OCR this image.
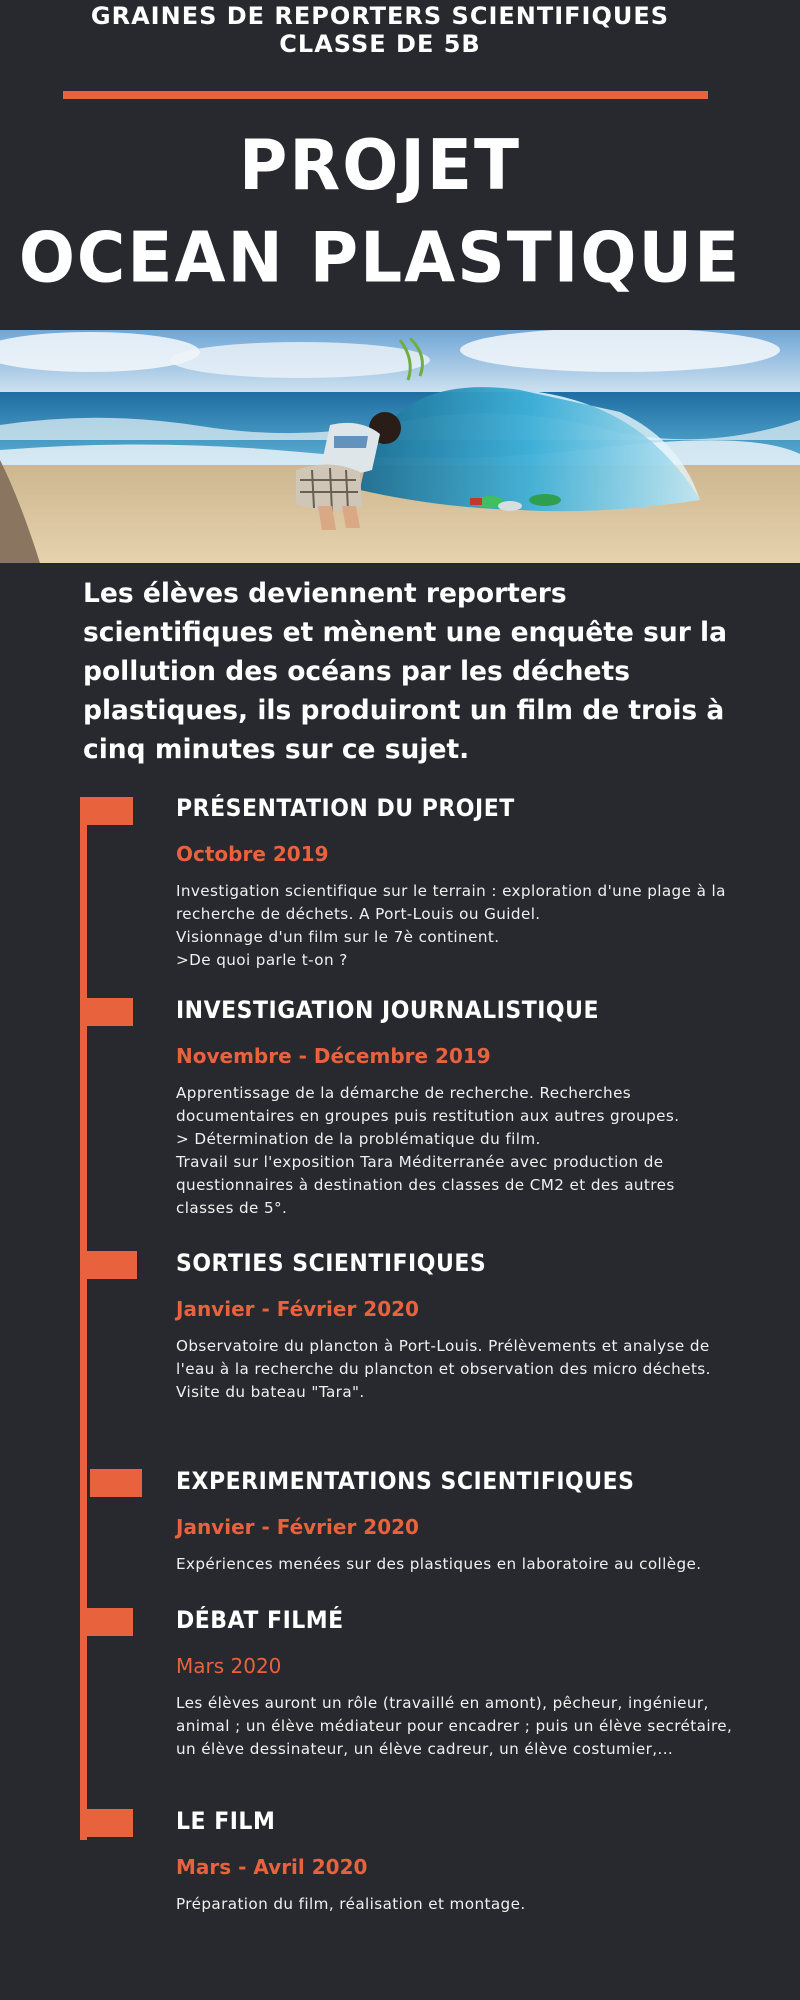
GRAINES DE REPORTERS SCIENTIFIQUES
CLASSE DE 5B
PROJET
OCEAN PLASTIQUE
Les élèves deviennent reporters scientifiques et mènent une enquête sur la pollution des océans par les déchets plastiques, ils produiront un film de trois à cinq minutes sur ce sujet.
PRÉSENTATION DU PROJET
Octobre 2019
Investigation scientifique sur le terrain : exploration d'une plage à la recherche de déchets. A Port-Louis ou Guidel.
Visionnage d'un film sur le 7è continent.
>De quoi parle t-on ?
INVESTIGATION JOURNALISTIQUE
Novembre - Décembre 2019
Apprentissage de la démarche de recherche. Recherches documentaires en groupes puis restitution aux autres groupes.
> Détermination de la problématique du film.
Travail sur l'exposition Tara Méditerranée avec production de questionnaires à destination des classes de CM2 et des autres classes de 5°.
SORTIES SCIENTIFIQUES
Janvier - Février 2020
Observatoire du plancton à Port-Louis. Prélèvements et analyse de l'eau à la recherche du plancton et observation des micro déchets.
Visite du bateau "Tara".
EXPERIMENTATIONS SCIENTIFIQUES
Janvier - Février 2020
Expériences menées sur des plastiques en laboratoire au collège.
DÉBAT FILMÉ
Mars 2020
Les élèves auront un rôle (travaillé en amont), pêcheur, ingénieur, animal ; un élève médiateur pour encadrer ; puis un élève secrétaire, un élève dessinateur, un élève cadreur, un élève costumier,...
LE FILM
Mars - Avril 2020
Préparation du film, réalisation et montage.
